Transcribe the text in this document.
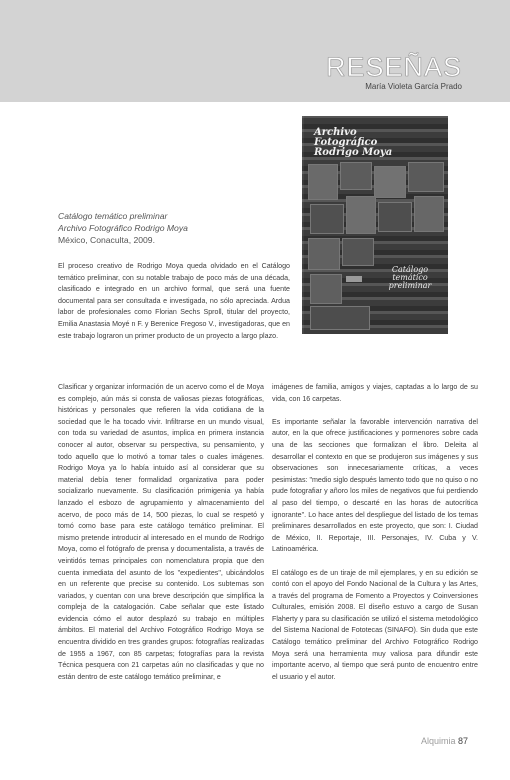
RESEÑAS
María Violeta García Prado
Archivo
Fotográfico
Rodrigo Moya
Catálogo
temático
preliminar
Catálogo temático preliminar
Archivo Fotográfico Rodrigo Moya
México, Conaculta, 2009.
El proceso creativo de Rodrigo Moya queda olvidado en el Catálogo temático preliminar, con su notable trabajo de poco más de una década, clasificado e integrado en un archivo formal, que será una fuente documental para ser consultada e investigada, no sólo apreciada. Ardua labor de profesionales como Florian Sechs Sproll, titular del proyecto, Emilia Anastasia Moyé n F. y Berenice Fregoso V., investigadoras, que en este trabajo lograron un primer producto de un proyecto a largo plazo.

Clasificar y organizar información de un acervo como el de Moya es complejo, aún más si consta de valiosas piezas fotográficas, históricas y personales que refieren la vida cotidiana de la sociedad que le ha tocado vivir. Infiltrarse en un mundo visual, con toda su variedad de asuntos, implica en primera instancia conocer al autor, observar su perspectiva, su pensamiento, y todo aquello que lo motivó a tomar tales o cuales imágenes. Rodrigo Moya ya lo había intuido así al considerar que su material debía tener formalidad organizativa para poder socializarlo nuevamente. Su clasificación primigenia ya había lanzado el esbozo de agrupamiento y almacenamiento del acervo, de poco más de 14, 500 piezas, lo cual se respetó y tomó como base para este catálogo temático preliminar. El mismo pretende introducir al interesado en el mundo de Rodrigo Moya, como el fotógrafo de prensa y documentalista, a través de veintidós temas principales con nomenclatura propia que den cuenta inmediata del asunto de los "expedientes", ubicándolos en un referente que precise su contenido. Los subtemas son variados, y cuentan con una breve descripción que simplifica la compleja de la catalogación. Cabe señalar que este listado evidencia cómo el autor desplazó su trabajo en múltiples ámbitos. El material del Archivo Fotográfico Rodrigo Moya se encuentra dividido en tres grandes grupos: fotografías realizadas de 1955 a 1967, con 85 carpetas; fotografías para la revista Técnica pesquera con 21 carpetas aún no clasificadas y que no están dentro de este catálogo temático preliminar, e

imágenes de familia, amigos y viajes, captadas a lo largo de su vida, con 16 carpetas.

Es importante señalar la favorable intervención narrativa del autor, en la que ofrece justificaciones y pormenores sobre cada una de las secciones que formalizan el libro. Deleita al desarrollar el contexto en que se produjeron sus imágenes y sus observaciones son innecesariamente críticas, a veces pesimistas: "medio siglo después lamento todo que no quiso o no pude fotografiar y añoro los miles de negativos que fui perdiendo al paso del tiempo, o descarté en las horas de autocrítica ignorante". Lo hace antes del despliegue del listado de los temas preliminares desarrollados en este proyecto, que son: I. Ciudad de México, II. Reportaje, III. Personajes, IV. Cuba y V. Latinoamérica.

El catálogo es de un tiraje de mil ejemplares, y en su edición se contó con el apoyo del Fondo Nacional de la Cultura y las Artes, a través del programa de Fomento a Proyectos y Coinversiones Culturales, emisión 2008. El diseño estuvo a cargo de Susan Flaherty y para su clasificación se utilizó el sistema metodológico del Sistema Nacional de Fototecas (SINAFO). Sin duda que este Catálogo temático preliminar del Archivo Fotográfico Rodrigo Moya será una herramienta muy valiosa para difundir este importante acervo, al tiempo que será punto de encuentro entre el usuario y el autor.

Alquimia 87
